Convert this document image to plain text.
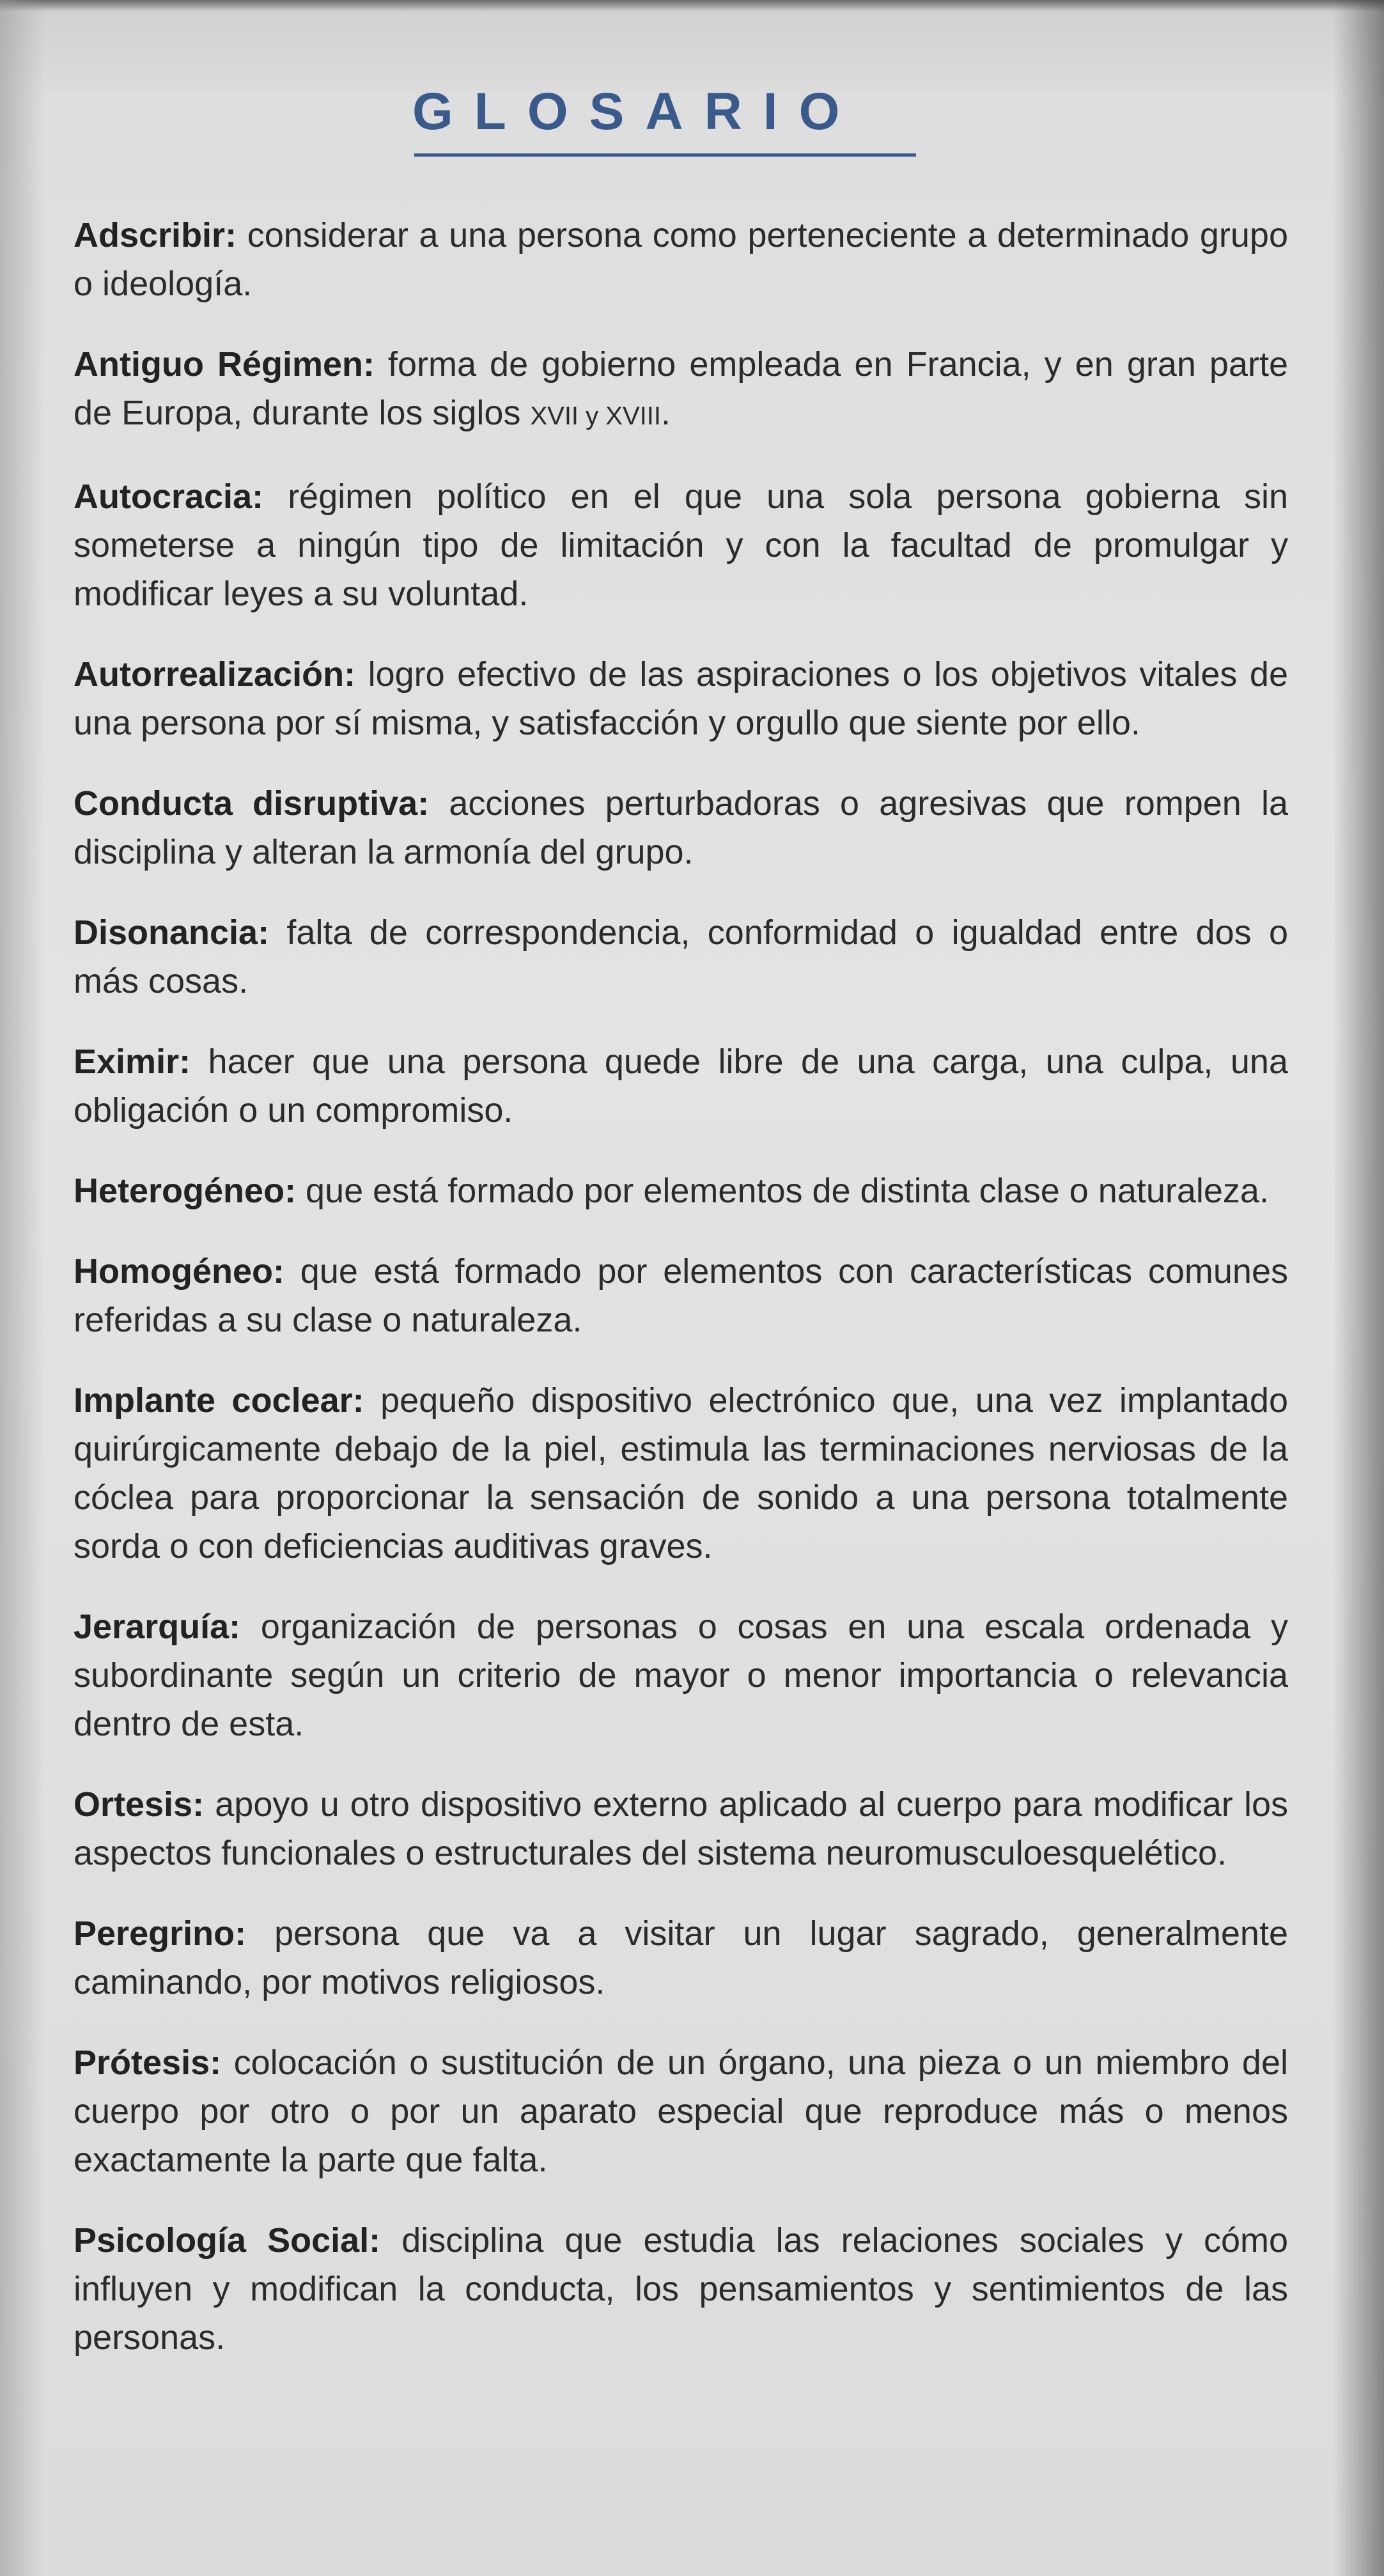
GLOSARIO
Adscribir: considerar a una persona como perteneciente a determinado grupo o ideología.
Antiguo Régimen: forma de gobierno empleada en Francia, y en gran parte de Europa, durante los siglos XVII y XVIII.
Autocracia: régimen político en el que una sola persona gobierna sin someterse a ningún tipo de limitación y con la facultad de promulgar y modificar leyes a su voluntad.
Autorrealización: logro efectivo de las aspiraciones o los objetivos vitales de una persona por sí misma, y satisfacción y orgullo que siente por ello.
Conducta disruptiva: acciones perturbadoras o agresivas que rompen la disciplina y alteran la armonía del grupo.
Disonancia: falta de correspondencia, conformidad o igualdad entre dos o más cosas.
Eximir: hacer que una persona quede libre de una carga, una culpa, una obligación o un compromiso.
Heterogéneo: que está formado por elementos de distinta clase o naturaleza.
Homogéneo: que está formado por elementos con características comunes referidas a su clase o naturaleza.
Implante coclear: pequeño dispositivo electrónico que, una vez implantado quirúrgicamente debajo de la piel, estimula las terminaciones nerviosas de la cóclea para proporcionar la sensación de sonido a una persona totalmente sorda o con deficiencias auditivas graves.
Jerarquía: organización de personas o cosas en una escala ordenada y subordinante según un criterio de mayor o menor importancia o relevancia dentro de esta.
Ortesis: apoyo u otro dispositivo externo aplicado al cuerpo para modificar los aspectos funcionales o estructurales del sistema neuromusculoesquelético.
Peregrino: persona que va a visitar un lugar sagrado, generalmente caminando, por motivos religiosos.
Prótesis: colocación o sustitución de un órgano, una pieza o un miembro del cuerpo por otro o por un aparato especial que reproduce más o menos exactamente la parte que falta.
Psicología Social: disciplina que estudia las relaciones sociales y cómo influyen y modifican la conducta, los pensamientos y sentimientos de las personas.
